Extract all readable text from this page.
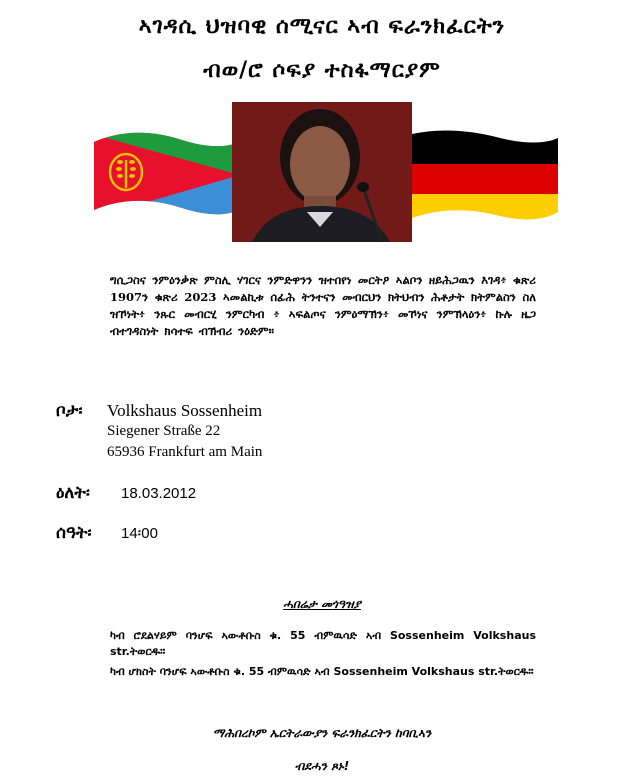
ኣገዳሲ ህዝባዊ ሰሚናር ኣብ ፍራንክፈርትን
ብወ/ሮ ሶፍያ ተስፋማርያም
ግሲጋስና ንምዕንቃጽ ምስሊ ሃገርና ንምድዋንን ዝተበየነ መርትዖ ኣልቦን ዘይሕጋዉን እገዳ፥ ቁጽሪ 1907ን ቁጽሪ 2023 ኣመልኪቱ ሰፊሕ ትንተናን መብርህን ክትህብን ሕቶታት ክትምልስን ስለ ዝኾነት፥ ንጹር መብርሂ ንምርካብ ፥ ኣፍልጦና ንምዕማኽን፥ መኾነና ንምኽላዕን፥ ኩሉ ዜጋ ብተገዳስነት ክሳተፍ ብኽብሪ ንዕድም።
ቦታ፡ Volkshaus Sossenheim
Siegener Straße 22
65936 Frankfurt am Main
ዕለት፡ 18.03.2012
ሰዓት፡ 14፡00
ሓበሬታ መጎዓዝያ
ካብ ሮደልሃይም ባንሆፍ ኣውቶቡስ ቁ. 55 ብምዉሳድ ኣብ Sossenheim Volkshaus str.ትወርዱ።
ካብ ሆክስት ባንሆፍ ኣውቶቡስ ቁ. 55 ብምዉሳድ ኣብ Sossenheim Volkshaus str.ትወርዱ።
ማሕበረኮም ኤርትራውያን ፍራንክፈርትን ከባቢኣን
ብደሓን ጾኑ!
